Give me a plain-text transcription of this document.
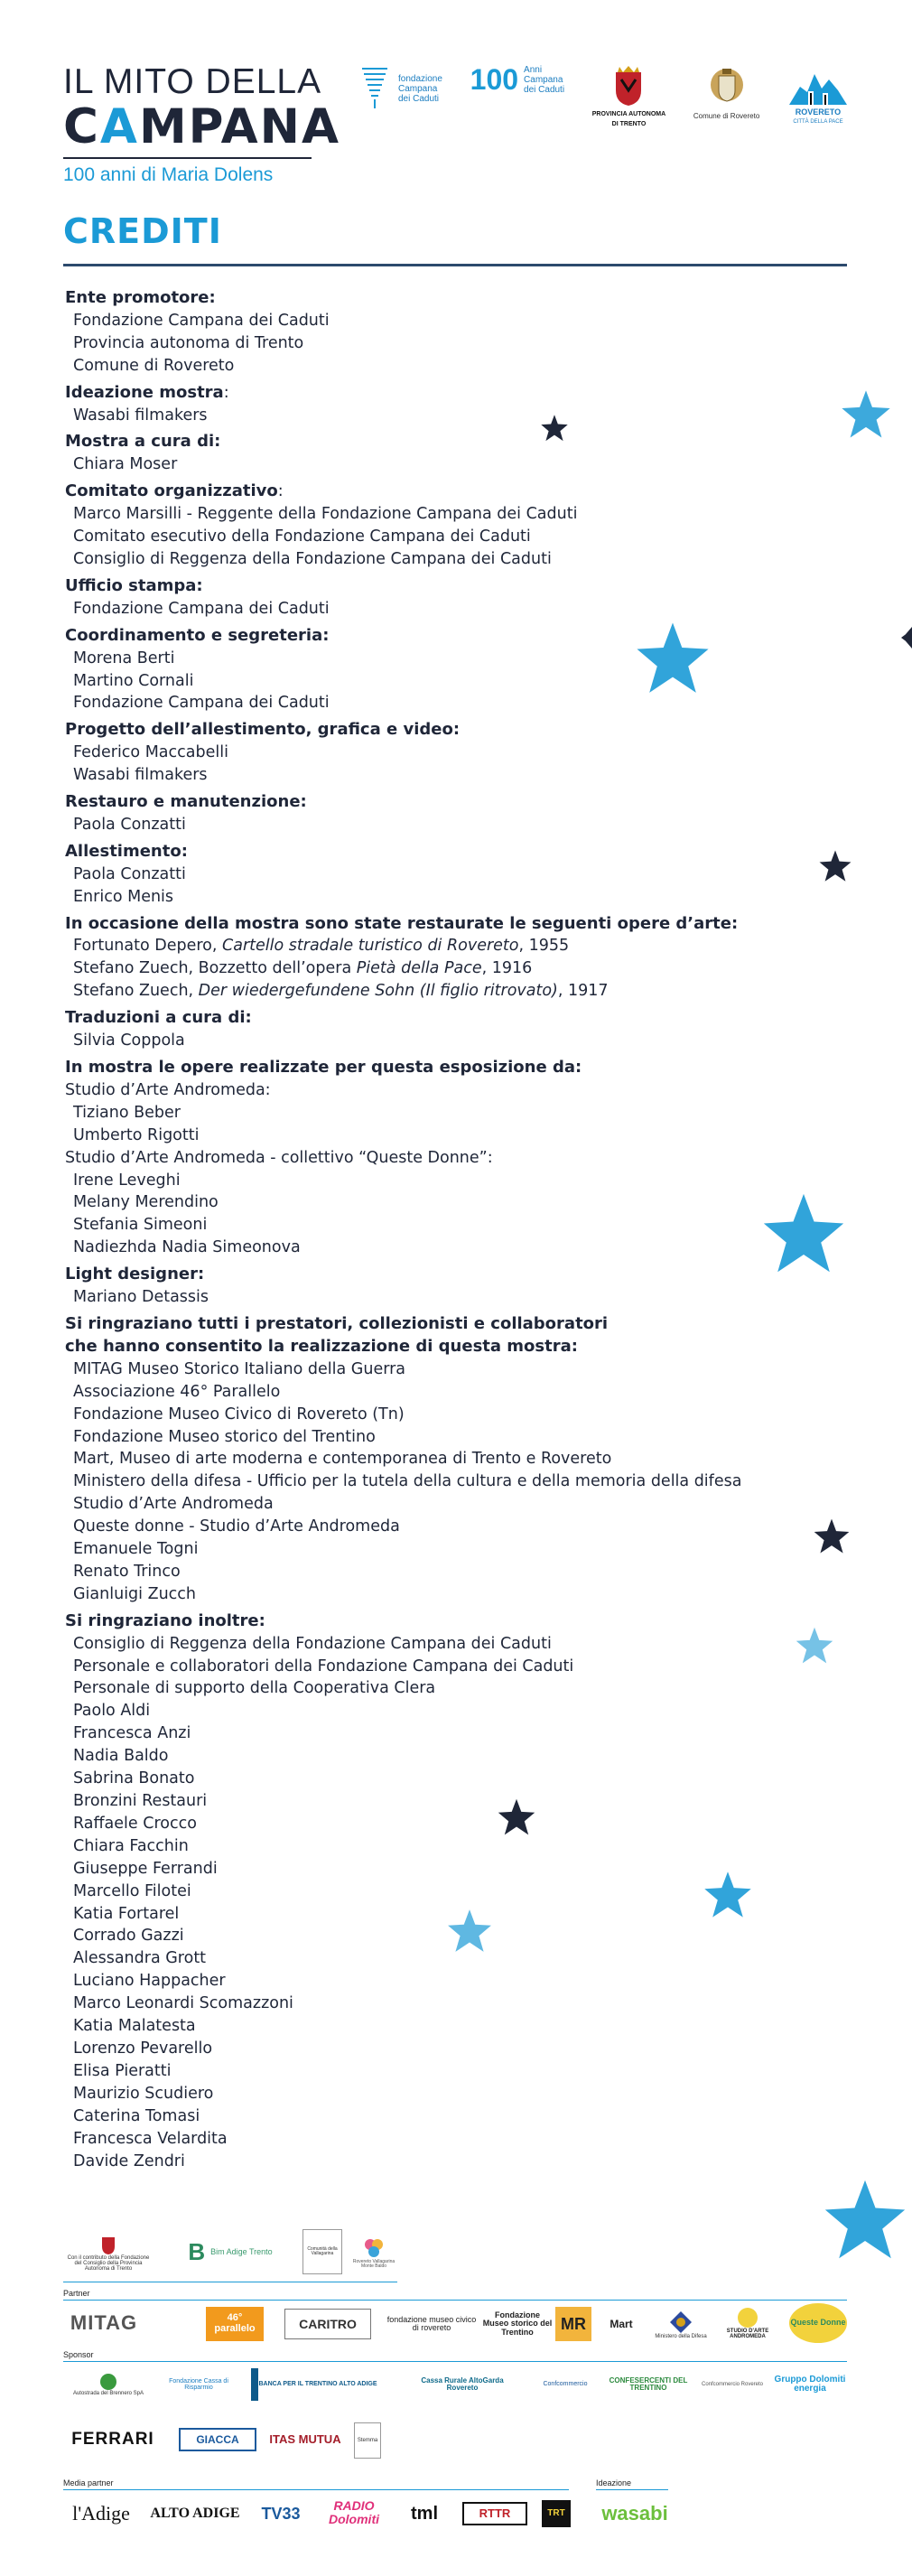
IL MITO DELLA
CAMPANA
100 anni di Maria Dolens
fondazione
Campana
dei Caduti
100 Anni
Campana
dei Caduti
PROVINCIA AUTONOMA
DI TRENTO
Comune di Rovereto	ROVERETO
CITTÀ DELLA PACE
CREDITI
Ente promotore:
Fondazione Campana dei Caduti
Provincia autonoma di Trento
Comune di Rovereto
Ideazione mostra:
Wasabi filmakers
Mostra a cura di:
Chiara Moser
Comitato organizzativo:
Marco Marsilli - Reggente della Fondazione Campana dei Caduti
Comitato esecutivo della Fondazione Campana dei Caduti
Consiglio di Reggenza della Fondazione Campana dei Caduti
Ufficio stampa:
Fondazione Campana dei Caduti
Coordinamento e segreteria:
Morena Berti
Martino Cornali
Fondazione Campana dei Caduti
Progetto dell’allestimento, grafica e video:
Federico Maccabelli
Wasabi filmakers
Restauro e manutenzione:
Paola Conzatti
Allestimento:
Paola Conzatti
Enrico Menis
In occasione della mostra sono state restaurate le seguenti opere d’arte:
Fortunato Depero, Cartello stradale turistico di Rovereto, 1955
Stefano Zuech, Bozzetto dell’opera Pietà della Pace, 1916
Stefano Zuech, Der wiedergefundene Sohn (Il figlio ritrovato), 1917
Traduzioni a cura di:
Silvia Coppola
In mostra le opere realizzate per questa esposizione da:
Studio d’Arte Andromeda:
Tiziano Beber
Umberto Rigotti
Studio d’Arte Andromeda - collettivo “Queste Donne”:
Irene Leveghi
Melany Merendino
Stefania Simeoni
Nadiezhda Nadia Simeonova
Light designer:
Mariano Detassis
Si ringraziano tutti i prestatori, collezionisti e collaboratori
che hanno consentito la realizzazione di questa mostra:
MITAG Museo Storico Italiano della Guerra
Associazione 46° Parallelo
Fondazione Museo Civico di Rovereto (Tn)
Fondazione Museo storico del Trentino
Mart, Museo di arte moderna e contemporanea di Trento e Rovereto
Ministero della difesa - Ufficio per la tutela della cultura e della memoria della difesa
Studio d’Arte Andromeda
Queste donne - Studio d’Arte Andromeda
Emanuele Togni
Renato Trinco
Gianluigi Zucch
Si ringraziano inoltre:
Consiglio di Reggenza della Fondazione Campana dei Caduti
Personale e collaboratori della Fondazione Campana dei Caduti
Personale di supporto della Cooperativa Clera
Paolo Aldi
Francesca Anzi
Nadia Baldo
Sabrina Bonato
Bronzini Restauri
Raffaele Crocco
Chiara Facchin
Giuseppe Ferrandi
Marcello Filotei
Katia Fortarel
Corrado Gazzi
Alessandra Grott
Luciano Happacher
Marco Leonardi Scomazzoni
Katia Malatesta
Lorenzo Pevarello
Elisa Pieratti
Maurizio Scudiero
Caterina Tomasi
Francesca Velardita
Davide Zendri
Con il contributo della Fondazione del Consiglio della Provincia Autonoma di Trento
B Bim Adige Trento	Comunità della Vallagarina
Rovereto Vallagarina Monte Baldo
Partner
MITAG	46° parallelo	CARITRO	fondazione museo civico di rovereto
Fondazione Museo storico del Trentino	MR	Mart
Ministero della Difesa
STUDIO D'ARTE ANDROMEDA
Queste Donne
Sponsor
Autostrada del Brennero SpA
Fondazione Cassa di Risparmio
BANCA PER IL TRENTINO ALTO ADIGE
Cassa Rurale AltoGarda Rovereto	Confcommercio
CONFESERCENTI DEL TRENTINO	Confcommercio Rovereto
Gruppo Dolomiti energia
FERRARI	GIACCA	ITAS MUTUA	Stemma
Media partner	Ideazione
l'Adige	ALTO ADIGE	TV33	RADIO Dolomiti	tml	RTTR	TRT wasabi
